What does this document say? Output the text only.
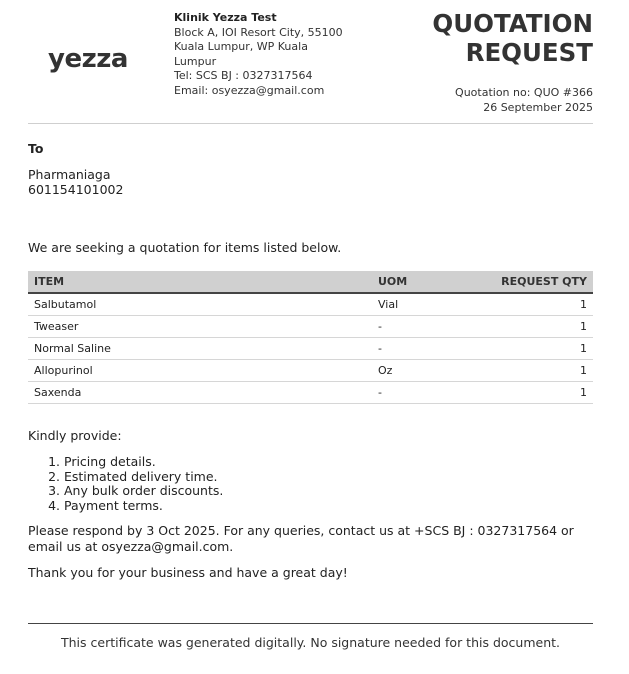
yezza
Klinik Yezza Test
Block A, IOI Resort City, 55100
Kuala Lumpur, WP Kuala
Lumpur
Tel: SCS BJ : 0327317564
Email: osyezza@gmail.com
QUOTATION
REQUEST
Quotation no: QUO #366
26 September 2025
To
Pharmaniaga
601154101002
We are seeking a quotation for items listed below.
ITEM	UOM	REQUEST QTY
Salbutamol	Vial	1
Tweaser	-	1
Normal Saline	-	1
Allopurinol	Oz	1
Saxenda	-	1
Kindly provide:
1. Pricing details.
2. Estimated delivery time.
3. Any bulk order discounts.
4. Payment terms.
Please respond by 3 Oct 2025. For any queries, contact us at +SCS BJ : 0327317564 or email us at osyezza@gmail.com.
Thank you for your business and have a great day!
This certificate was generated digitally. No signature needed for this document.
